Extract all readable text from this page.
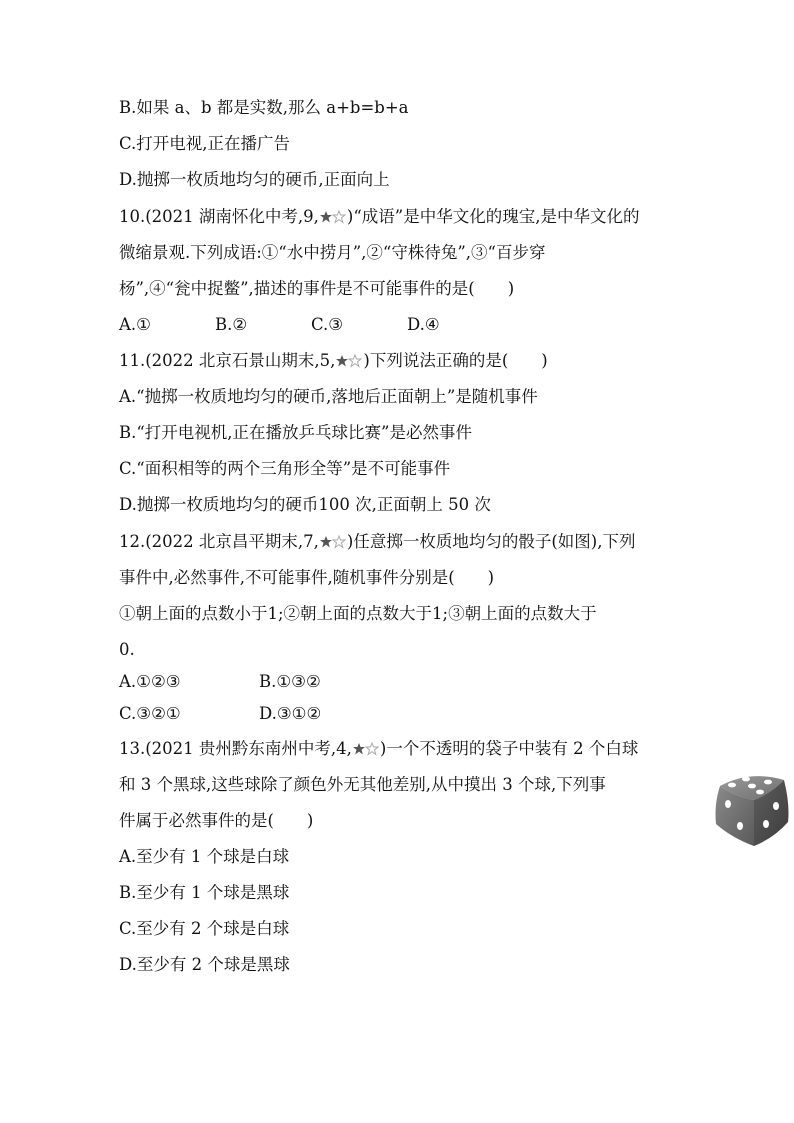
B.如果 a、b 都是实数,那么 a+b=b+a
C.打开电视,正在播广告
D.抛掷一枚质地均匀的硬币,正面向上
10.(2021 湖南怀化中考,9, )“成语”是中华文化的瑰宝,是中华文化的
微缩景观.下列成语:①“水中捞月”,②“守株待兔”,③“百步穿
杨”,④“瓮中捉鳖”,描述的事件是不可能事件的是(　　)
A.①	B.②	C.③	D.④
11.(2022 北京石景山期末,5, )下列说法正确的是(　　)
A.“抛掷一枚质地均匀的硬币,落地后正面朝上”是随机事件
B.“打开电视机,正在播放乒乓球比赛”是必然事件
C.“面积相等的两个三角形全等”是不可能事件
D.抛掷一枚质地均匀的硬币100 次,正面朝上 50 次
12.(2022 北京昌平期末,7, )任意掷一枚质地均匀的骰子(如图),下列
事件中,必然事件,不可能事件,随机事件分别是(　　)
①朝上面的点数小于1;②朝上面的点数大于1;③朝上面的点数大于
0.
A.①②③	B.①③②
C.③②①	D.③①②
13.(2021 贵州黔东南州中考,4, )一个不透明的袋子中装有 2 个白球
和 3 个黑球,这些球除了颜色外无其他差别,从中摸出 3 个球,下列事
件属于必然事件的是(　　)
A.至少有 1 个球是白球
B.至少有 1 个球是黑球
C.至少有 2 个球是白球
D.至少有 2 个球是黑球
